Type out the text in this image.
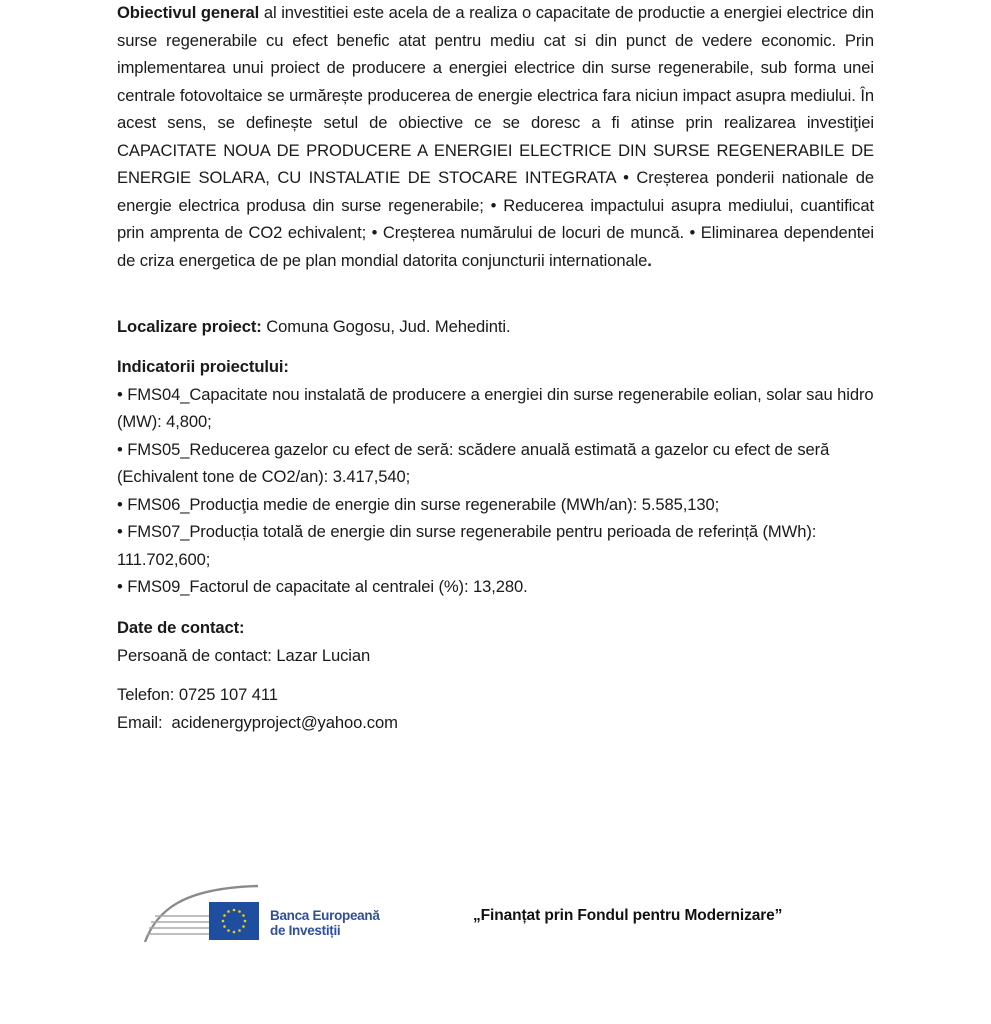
Obiectivul general al investitiei este acela de a realiza o capacitate de productie a energiei electrice din surse regenerabile cu efect benefic atat pentru mediu cat si din punct de vedere economic. Prin implementarea unui proiect de producere a energiei electrice din surse regenerabile, sub forma unei centrale fotovoltaice se urmărește producerea de energie electrica fara niciun impact asupra mediului. În acest sens, se definește setul de obiective ce se doresc a fi atinse prin realizarea investiţiei CAPACITATE NOUA DE PRODUCERE A ENERGIEI ELECTRICE DIN SURSE REGENERABILE DE ENERGIE SOLARA, CU INSTALATIE DE STOCARE INTEGRATA • Creșterea ponderii nationale de energie electrica produsa din surse regenerabile; • Reducerea impactului asupra mediului, cuantificat prin amprenta de CO2 echivalent; • Creșterea numărului de locuri de muncă. • Eliminarea dependentei de criza energetica de pe plan mondial datorita conjuncturii internationale.

Localizare proiect: Comuna Gogosu, Jud. Mehedinti.

Indicatorii proiectului:

• FMS04_Capacitate nou instalată de producere a energiei din surse regenerabile eolian, solar sau hidro (MW): 4,800;

• FMS05_Reducerea gazelor cu efect de seră: scădere anuală estimată a gazelor cu efect de seră (Echivalent tone de CO2/an): 3.417,540;

• FMS06_Producţia medie de energie din surse regenerabile (MWh/an): 5.585,130;

• FMS07_Producția totală de energie din surse regenerabile pentru perioada de referință (MWh): 111.702,600;

• FMS09_Factorul de capacitate al centralei (%): 13,280.

Date de contact:

Persoană de contact: Lazar Lucian

Telefon: 0725 107 411

Email:  acidenergyproject@yahoo.com

Banca Europeană
de Investiții
„Finanțat prin Fondul pentru Modernizare”
